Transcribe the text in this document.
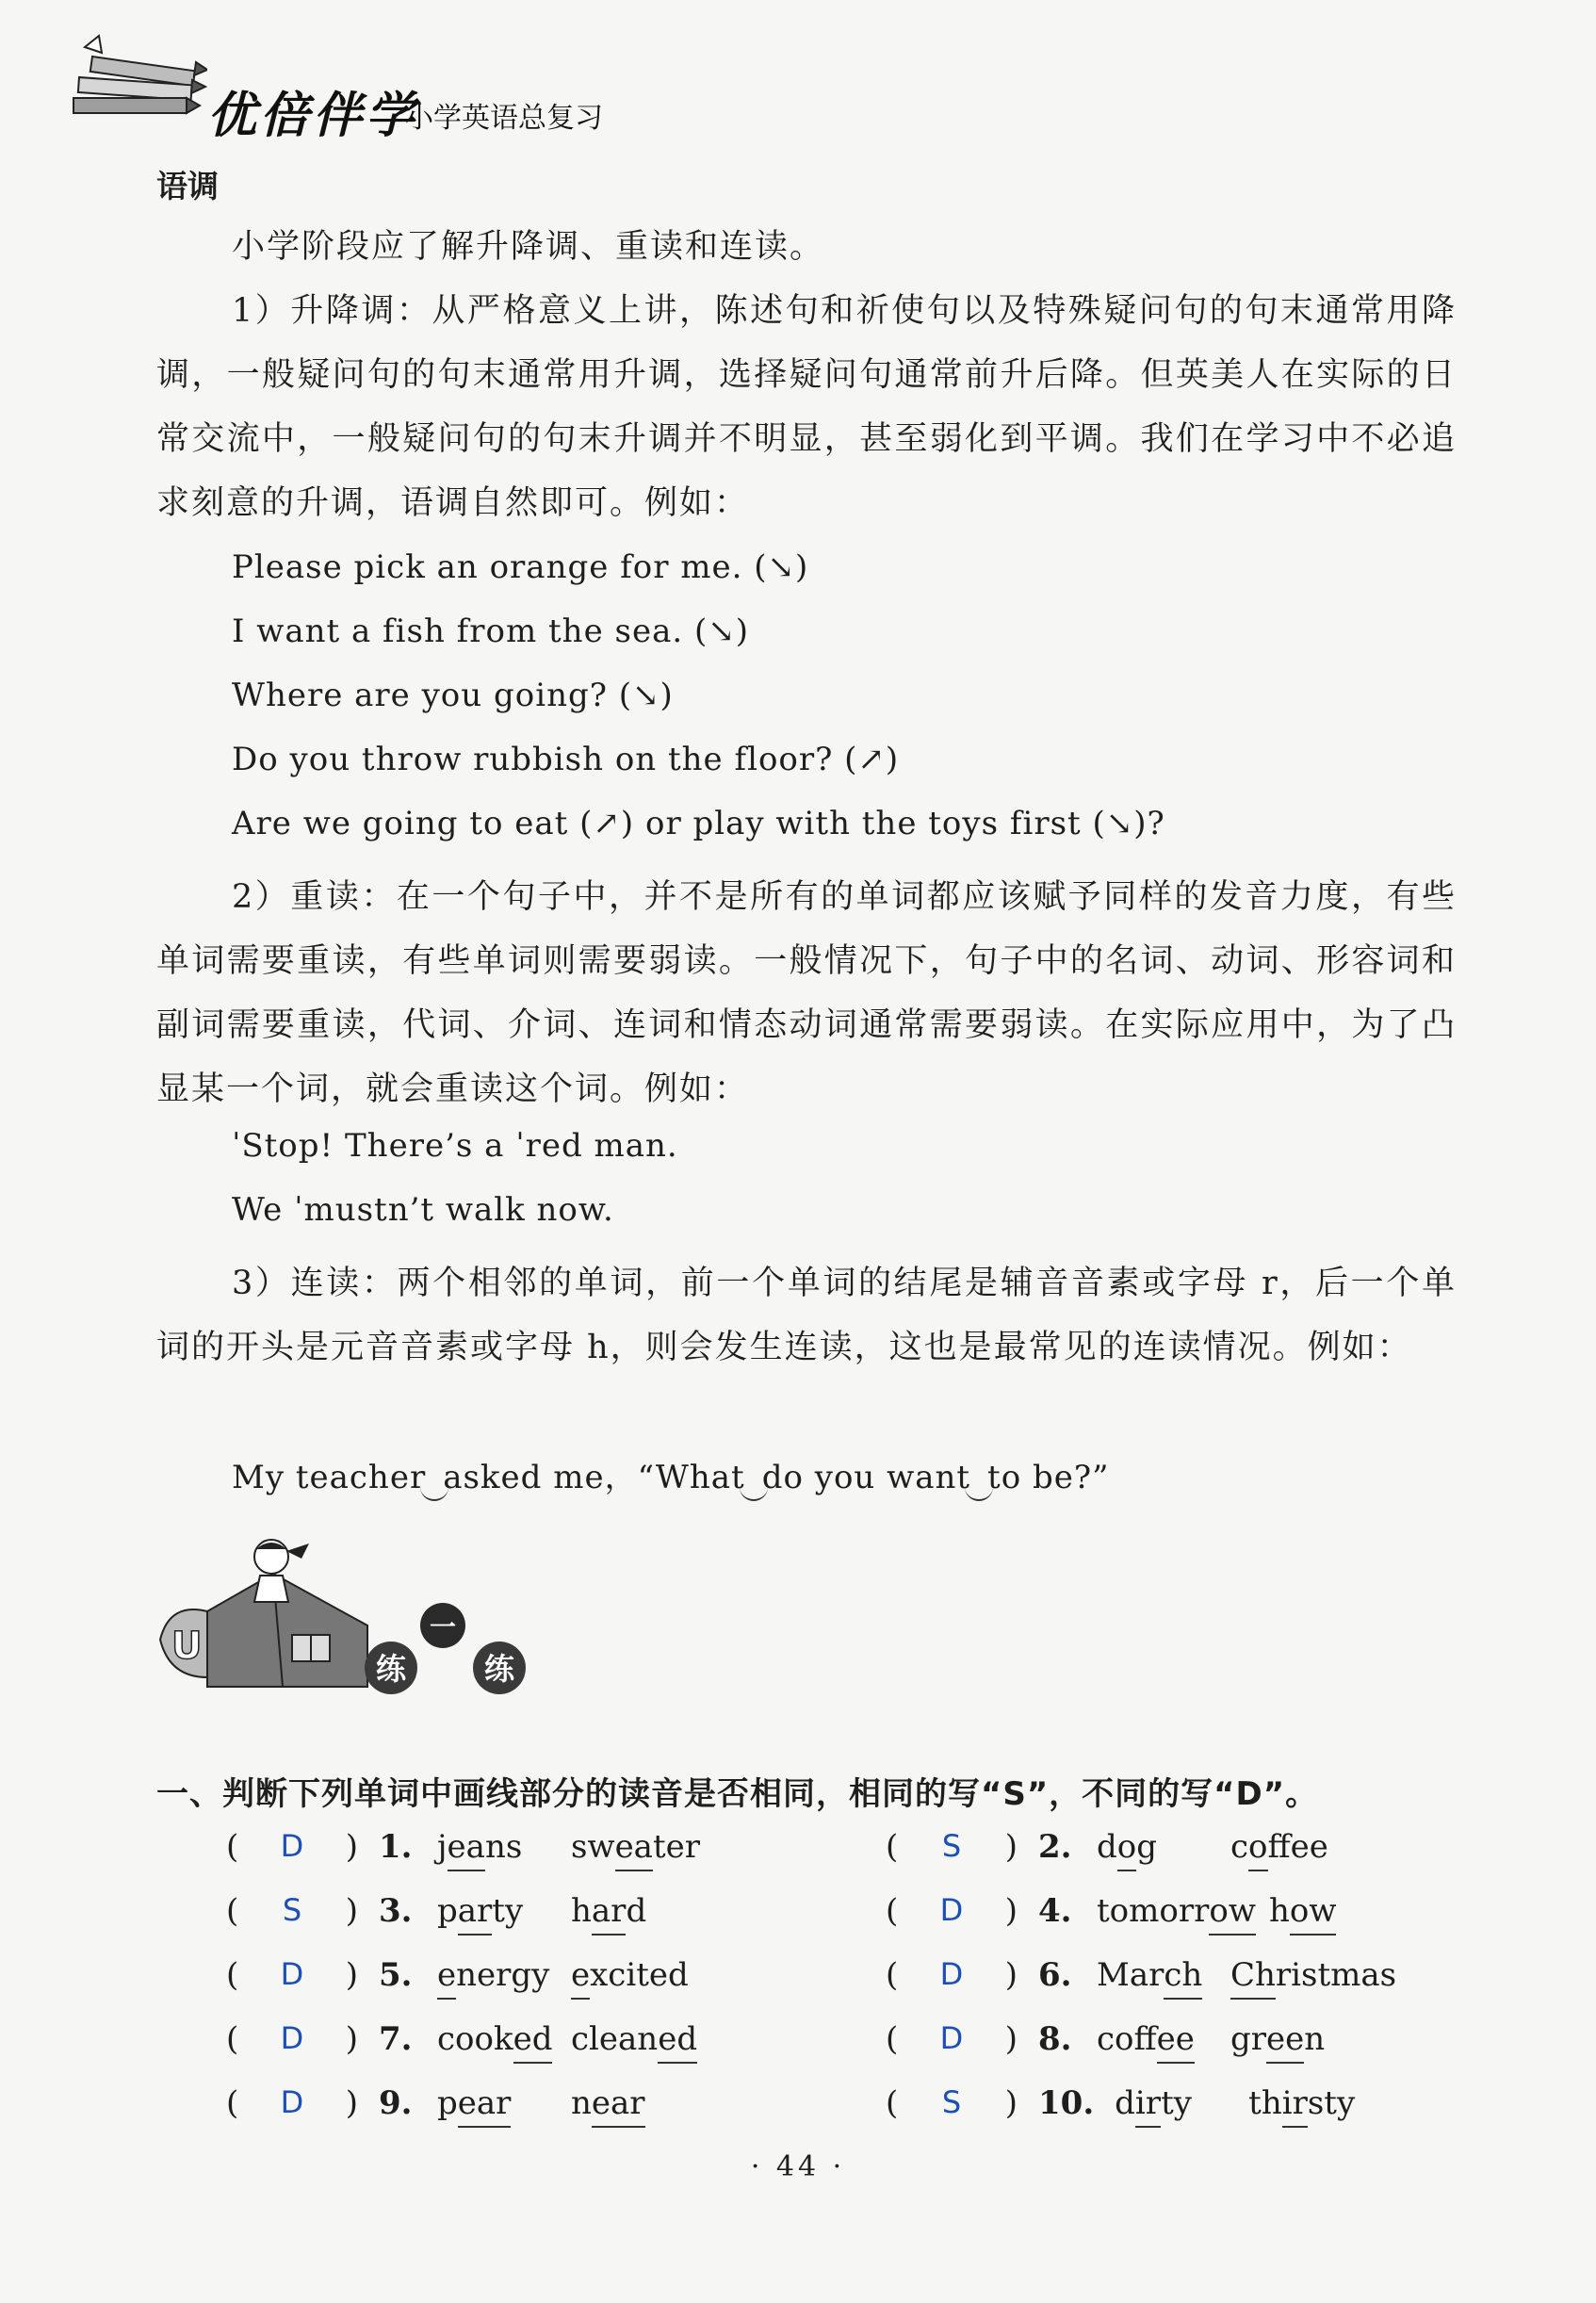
优倍伴学
小学英语总复习
语调

小学阶段应了解升降调、重读和连读。

1）升降调：从严格意义上讲，陈述句和祈使句以及特殊疑问句的句末通常用降调，一般疑问句的句末通常用升调，选择疑问句通常前升后降。但英美人在实际的日常交流中，一般疑问句的句末升调并不明显，甚至弱化到平调。我们在学习中不必追求刻意的升调，语调自然即可。例如：

Please pick an orange for me. (↘)
I want a fish from the sea. (↘)
Where are you going? (↘)
Do you throw rubbish on the floor? (↗)
Are we going to eat (↗) or play with the toys first (↘)?

2）重读：在一个句子中，并不是所有的单词都应该赋予同样的发音力度，有些单词需要重读，有些单词则需要弱读。一般情况下，句子中的名词、动词、形容词和副词需要重读，代词、介词、连词和情态动词通常需要弱读。在实际应用中，为了凸显某一个词，就会重读这个词。例如：

ˈStop! There’s a ˈred man.
We ˈmustn’t walk now.

3）连读：两个相邻的单词，前一个单词的结尾是辅音音素或字母 r，后一个单词的开头是元音音素或字母 h，则会发生连读，这也是最常见的连读情况。例如：

My teacher asked me，“What do you want to be?”
U
练
一
练
一、判断下列单词中画线部分的读音是否相同，相同的写“S”，不同的写“D”。
(	D	) 1. jeans	sweater	(	S	) 2. dog	coffee
(	S	) 3. party	hard	(	D	) 4. tomorrow how
(	D	) 5. energy excited	(	D	) 6. March Christmas
(	D	) 7. cooked cleaned	(	D	) 8. coffee	green
(	D	) 9. pear	near	(	S	) 10. dirty	thirsty
· 44 ·
